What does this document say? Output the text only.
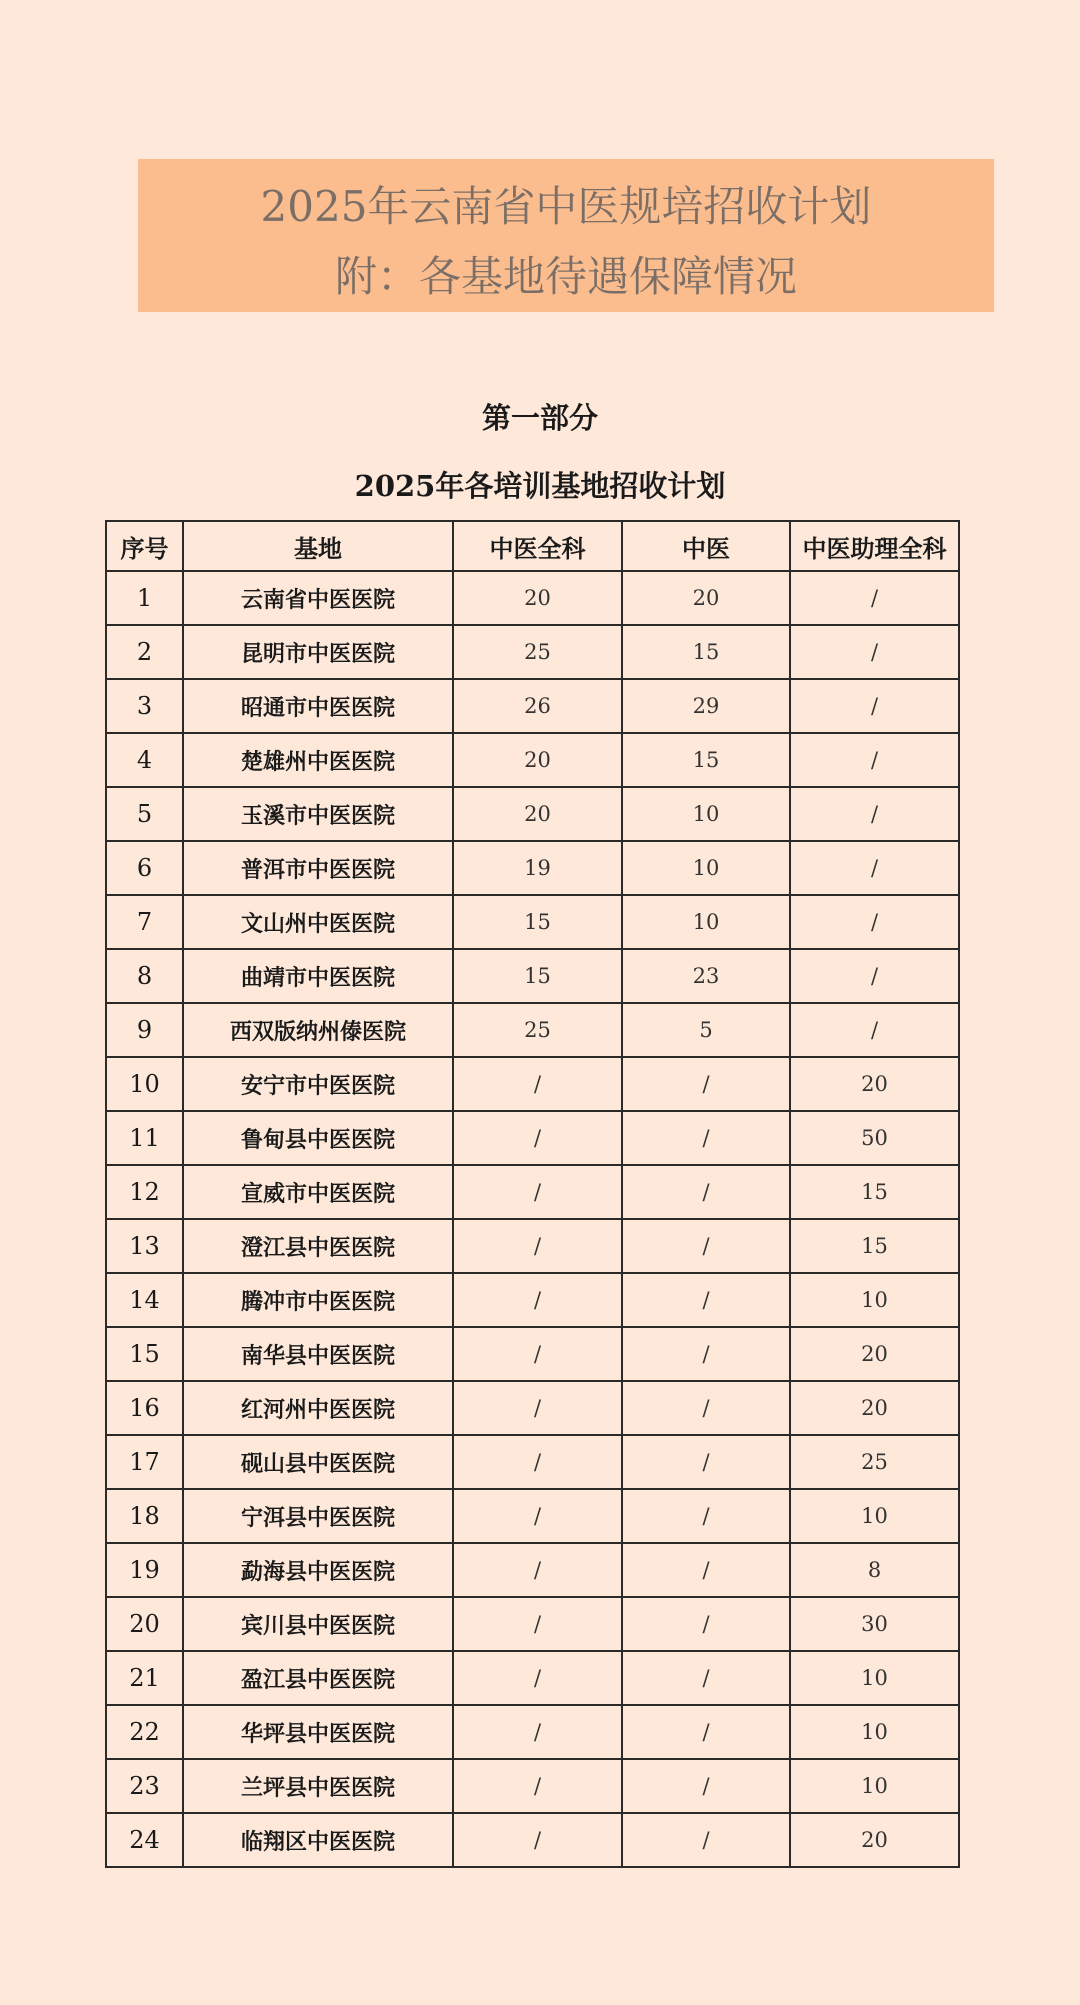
2025年云南省中医规培招收计划
附：各基地待遇保障情况
第一部分
2025年各培训基地招收计划
序号	基地	中医全科	中医	中医助理全科
1	云南省中医医院	20	20	/
2	昆明市中医医院	25	15	/
3	昭通市中医医院	26	29	/
4	楚雄州中医医院	20	15	/
5	玉溪市中医医院	20	10	/
6	普洱市中医医院	19	10	/
7	文山州中医医院	15	10	/
8	曲靖市中医医院	15	23	/
9	西双版纳州傣医院	25	5	/
10	安宁市中医医院	/	/	20
11	鲁甸县中医医院	/	/	50
12	宣威市中医医院	/	/	15
13	澄江县中医医院	/	/	15
14	腾冲市中医医院	/	/	10
15	南华县中医医院	/	/	20
16	红河州中医医院	/	/	20
17	砚山县中医医院	/	/	25
18	宁洱县中医医院	/	/	10
19	勐海县中医医院	/	/	8
20	宾川县中医医院	/	/	30
21	盈江县中医医院	/	/	10
22	华坪县中医医院	/	/	10
23	兰坪县中医医院	/	/	10
24	临翔区中医医院	/	/	20
